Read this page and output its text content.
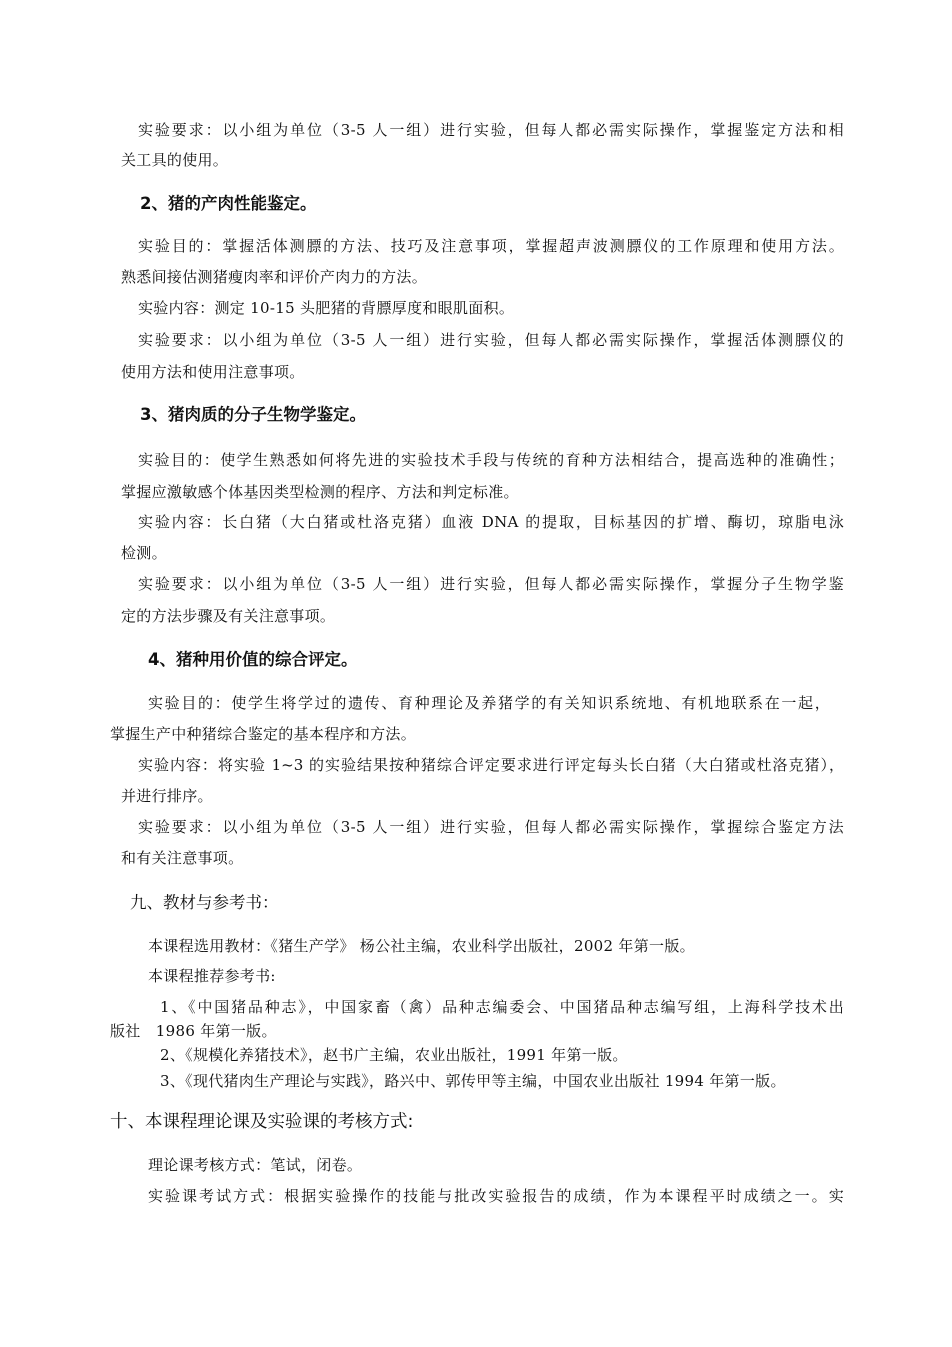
实验要求：以小组为单位（3-5 人一组）进行实验，但每人都必需实际操作，掌握鉴定方法和相
关工具的使用。
2、猪的产肉性能鉴定。
实验目的：掌握活体测膘的方法、技巧及注意事项，掌握超声波测膘仪的工作原理和使用方法。
熟悉间接估测猪瘦肉率和评价产肉力的方法。
实验内容：测定 10-15 头肥猪的背膘厚度和眼肌面积。
实验要求：以小组为单位（3-5 人一组）进行实验，但每人都必需实际操作，掌握活体测膘仪的
使用方法和使用注意事项。
3、猪肉质的分子生物学鉴定。
实验目的：使学生熟悉如何将先进的实验技术手段与传统的育种方法相结合，提高选种的准确性；
掌握应激敏感个体基因类型检测的程序、方法和判定标准。
实验内容：长白猪（大白猪或杜洛克猪）血液 DNA 的提取，目标基因的扩增、酶切，琼脂电泳
检测。
实验要求：以小组为单位（3-5 人一组）进行实验，但每人都必需实际操作，掌握分子生物学鉴
定的方法步骤及有关注意事项。
4、猪种用价值的综合评定。
实验目的：使学生将学过的遗传、育种理论及养猪学的有关知识系统地、有机地联系在一起，
掌握生产中种猪综合鉴定的基本程序和方法。
实验内容：将实验 1~3 的实验结果按种猪综合评定要求进行评定每头长白猪（大白猪或杜洛克猪），
并进行排序。
实验要求：以小组为单位（3-5 人一组）进行实验，但每人都必需实际操作，掌握综合鉴定方法
和有关注意事项。
九、教材与参考书：
本课程选用教材：《猪生产学》 杨公社主编，农业科学出版社，2002 年第一版。
本课程推荐参考书:
1、《中国猪品种志》，中国家畜（禽）品种志编委会、中国猪品种志编写组，上海科学技术出
版社   1986 年第一版。
2、《规模化养猪技术》，赵书广主编，农业出版社，1991 年第一版。
3、《现代猪肉生产理论与实践》，路兴中、郭传甲等主编，中国农业出版社 1994 年第一版。
十、本课程理论课及实验课的考核方式:
理论课考核方式：笔试，闭卷。
实验课考试方式：根据实验操作的技能与批改实验报告的成绩，作为本课程平时成绩之一。实
